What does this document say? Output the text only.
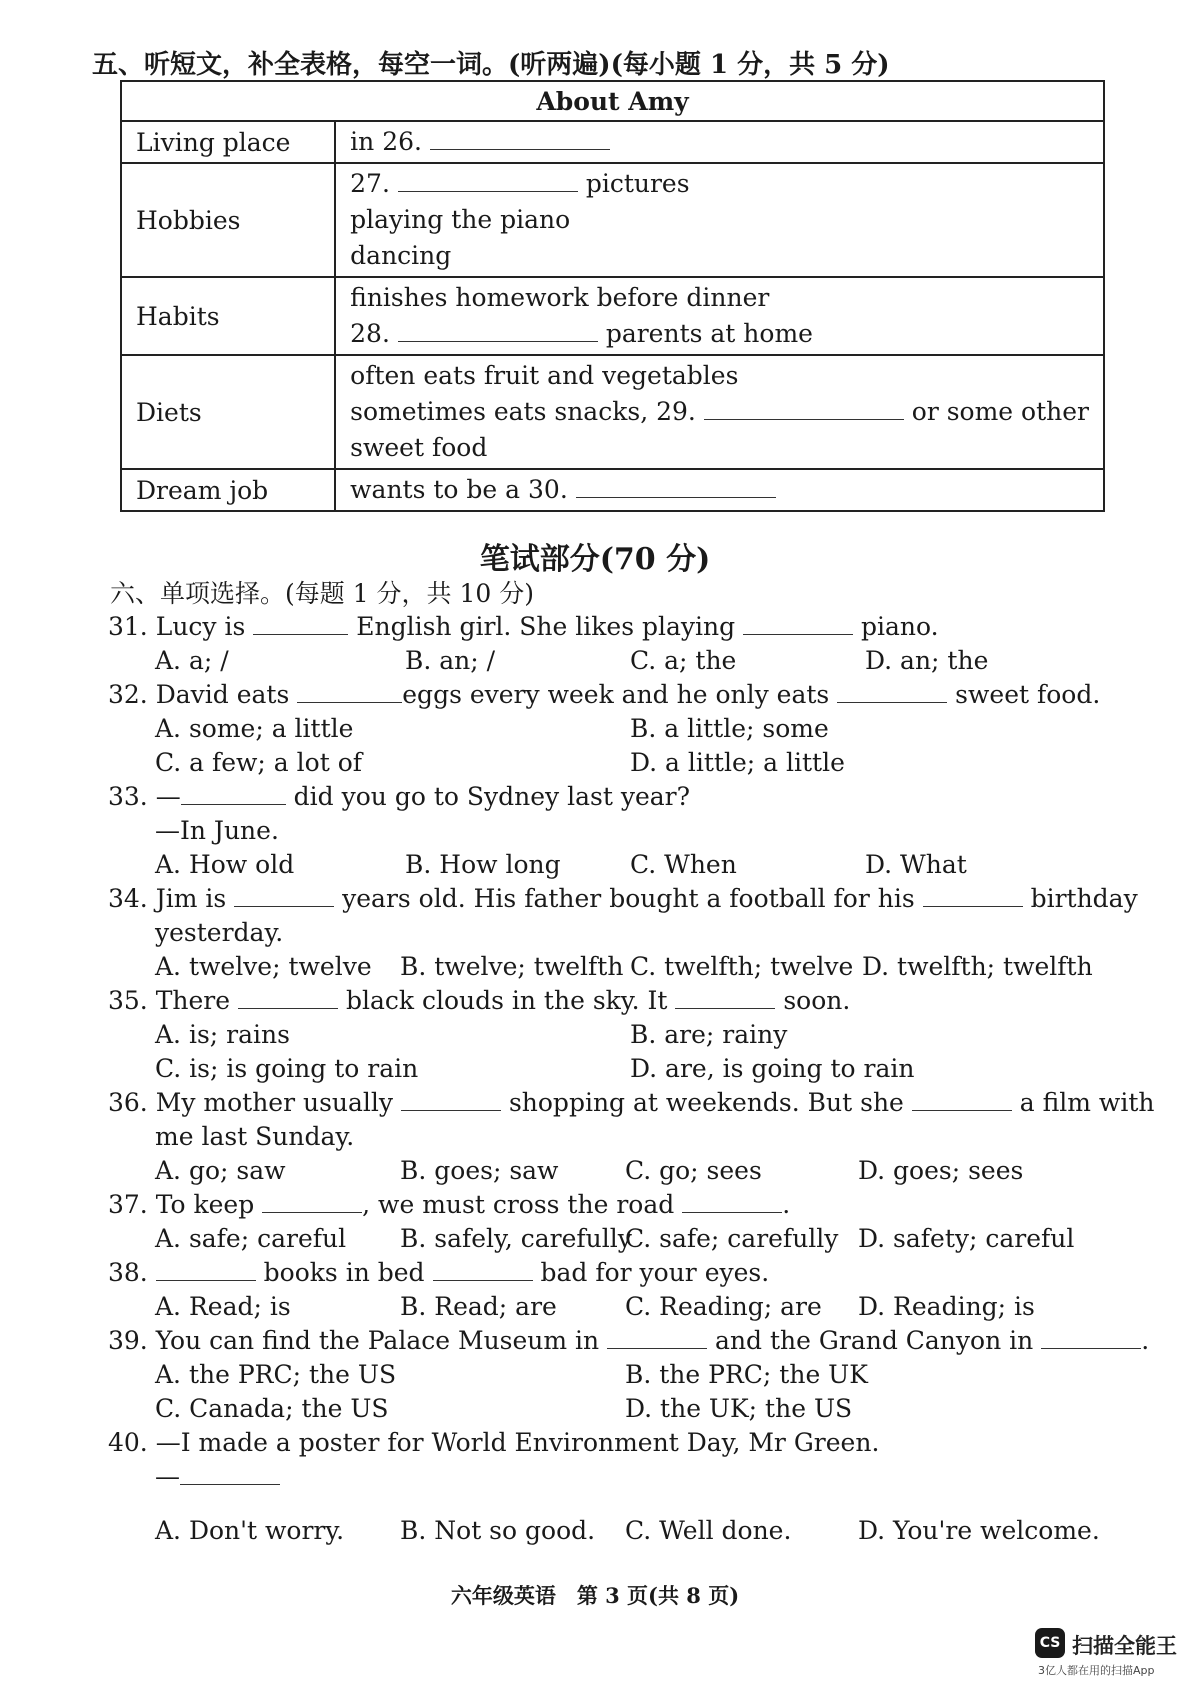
五、听短文，补全表格，每空一词。(听两遍)(每小题 1 分，共 5 分)
About Amy	
Living place	in 26.

Hobbies	27. pictures
playing the piano
dancing

Habits	finishes homework before dinner
28. parents at home

Diets	often eats fruit and vegetables
sometimes eats snacks, 29. or some other
sweet food

Dream job	wants to be a 30.
笔试部分(70 分)
六、单项选择。(每题 1 分，共 10 分)
31. Lucy is	English girl. She likes playing	piano.
A. a; /	B. an; /	C. a; the	D. an; the
32. David eats	eggs every week and he only eats	sweet food.
A. some; a little	B. a little; some
C. a few; a lot of	D. a little; a little
33. —	did you go to Sydney last year?
—In June.
A. How old	B. How long	C. When	D. What
34. Jim is	years old. His father bought a football for his	birthday
yesterday.
A. twelve; twelve B. twelve; twelfth C. twelfth; twelve D. twelfth; twelfth
35. There	black clouds in the sky. It	soon.
A. is; rains	B. are; rainy
C. is; is going to rain	D. are, is going to rain
36. My mother usually	shopping at weekends. But she	a film with
me last Sunday.
A. go; saw	B. goes; saw	C. go; sees	D. goes; sees
37. To keep	, we must cross the road	.
A. safe; careful B. safely, carefully
C. safe; carefully D. safety; careful
38.	books in bed	bad for your eyes.
A. Read; is	B. Read; are	C. Reading; are D. Reading; is
39. You can find the Palace Museum in	and the Grand Canyon in	.
A. the PRC; the US	B. the PRC; the UK
C. Canada; the US	D. the UK; the US
40. —I made a poster for World Environment Day, Mr Green.
—
A. Don't worry. B. Not so good. C. Well done.	D. You're welcome.
六年级英语　第 3 页(共 8 页)
CS 扫描全能王
3亿人都在用的扫描App
